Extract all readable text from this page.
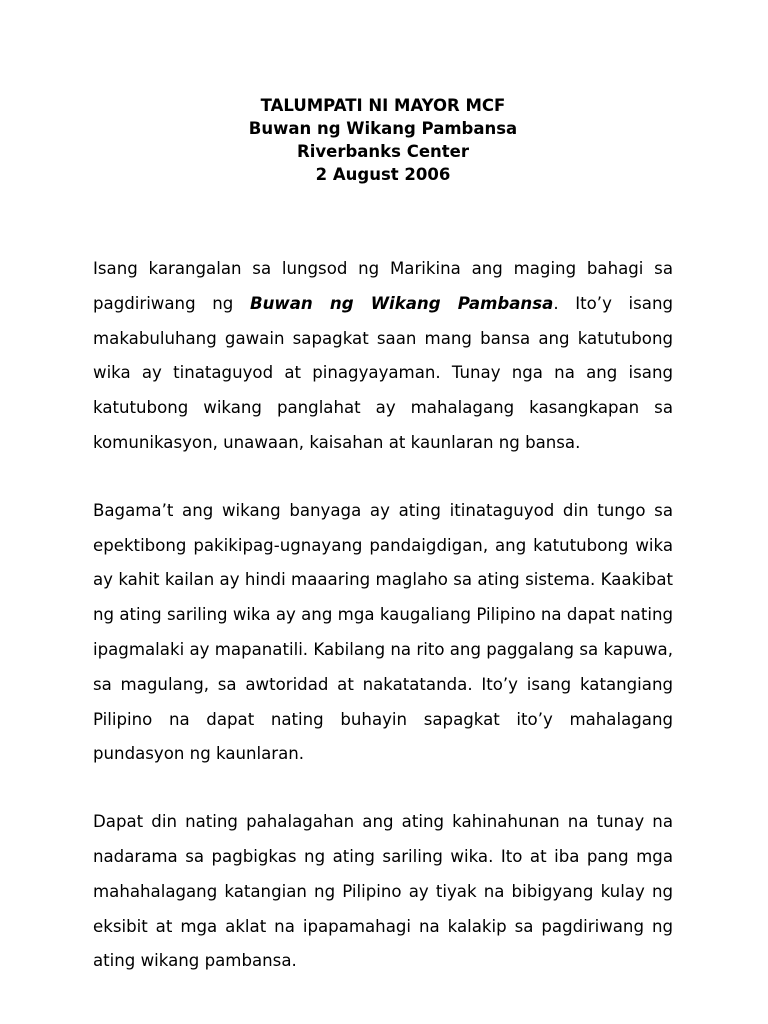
TALUMPATI NI MAYOR MCF
Buwan ng Wikang Pambansa
Riverbanks Center
2 August 2006

Isang karangalan sa lungsod ng Marikina ang maging bahagi sa pagdiriwang ng Buwan ng Wikang Pambansa. Ito’y isang makabuluhang gawain sapagkat saan mang bansa ang katutubong wika ay tinataguyod at pinagyayaman. Tunay nga na ang isang katutubong wikang panglahat ay mahalagang kasangkapan sa komunikasyon, unawaan, kaisahan at kaunlaran ng bansa.

Bagama’t ang wikang banyaga ay ating itinataguyod din tungo sa epektibong pakikipag-ugnayang pandaigdigan, ang katutubong wika ay kahit kailan ay hindi maaaring maglaho sa ating sistema. Kaakibat ng ating sariling wika ay ang mga kaugaliang Pilipino na dapat nating ipagmalaki ay mapanatili. Kabilang na rito ang paggalang sa kapuwa, sa magulang, sa awtoridad at nakatatanda. Ito’y isang katangiang Pilipino na dapat nating buhayin sapagkat ito’y mahalagang pundasyon ng kaunlaran.

Dapat din nating pahalagahan ang ating kahinahunan na tunay na nadarama sa pagbigkas ng ating sariling wika. Ito at iba pang mga mahahalagang katangian ng Pilipino ay tiyak na bibigyang kulay ng eksibit at mga aklat na ipapamahagi na kalakip sa pagdiriwang ng ating wikang pambansa.
